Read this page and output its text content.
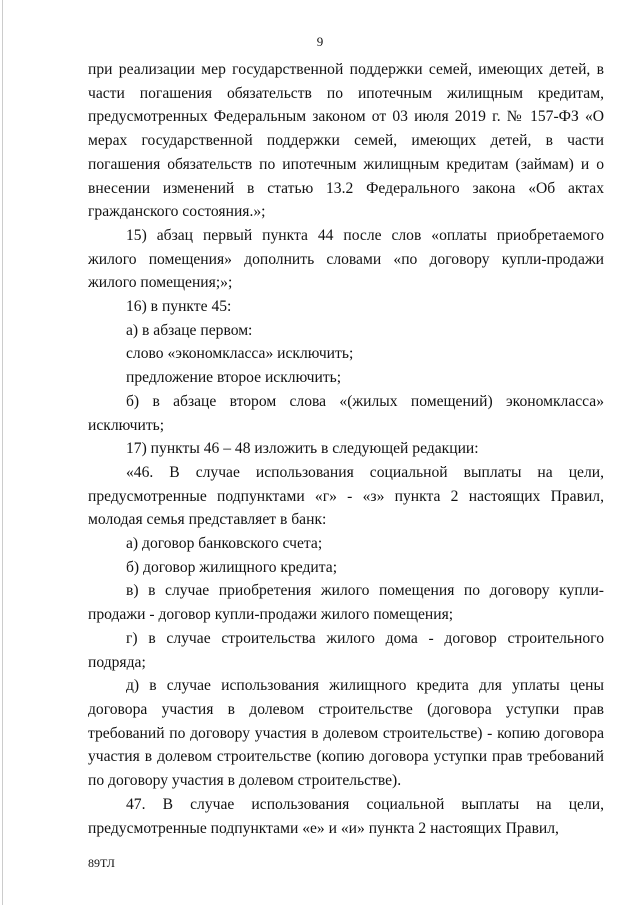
9

при реализации мер государственной поддержки семей, имеющих детей, в части погашения обязательств по ипотечным жилищным кредитам, предусмотренных Федеральным законом от 03 июля 2019 г. № 157-ФЗ «О мерах государственной поддержки семей, имеющих детей, в части погашения обязательств по ипотечным жилищным кредитам (займам) и о внесении изменений в статью 13.2 Федерального закона «Об актах гражданского состояния.»;

15) абзац первый пункта 44 после слов «оплаты приобретаемого жилого помещения» дополнить словами «по договору купли-продажи жилого помещения;»;

16) в пункте 45:

а) в абзаце первом:

слово «экономкласса» исключить;

предложение второе исключить;

б) в абзаце втором слова «(жилых помещений) экономкласса» исключить;

17) пункты 46 – 48 изложить в следующей редакции:

«46. В случае использования социальной выплаты на цели, предусмотренные подпунктами «г» - «з» пункта 2 настоящих Правил, молодая семья представляет в банк:

а) договор банковского счета;

б) договор жилищного кредита;

в) в случае приобретения жилого помещения по договору купли-продажи - договор купли-продажи жилого помещения;

г) в случае строительства жилого дома - договор строительного подряда;

д) в случае использования жилищного кредита для уплаты цены договора участия в долевом строительстве (договора уступки прав требований по договору участия в долевом строительстве) - копию договора участия в долевом строительстве (копию договора уступки прав требований по договору участия в долевом строительстве).

47. В случае использования социальной выплаты на цели, предусмотренные подпунктами «е» и «и» пункта 2 настоящих Правил,

89ТЛ
